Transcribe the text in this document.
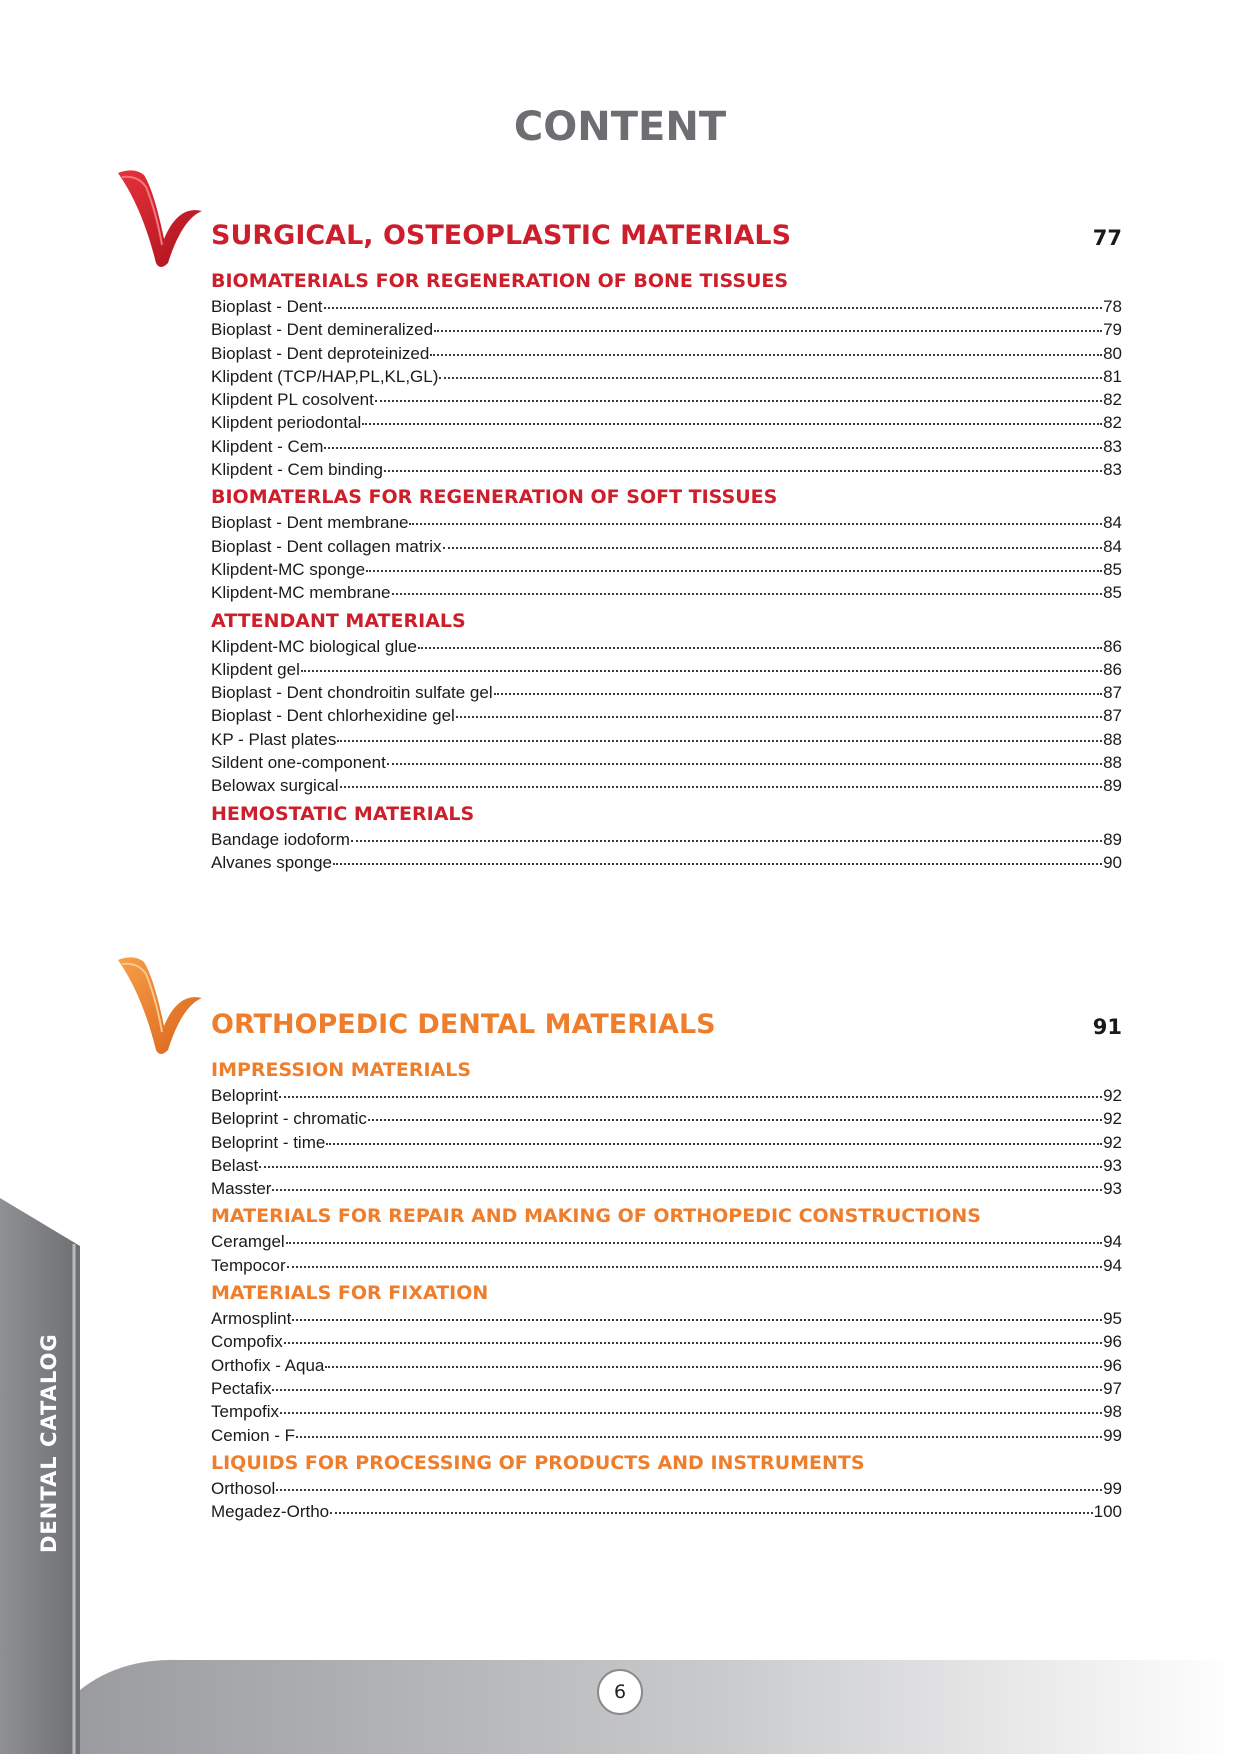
DENTAL CATALOG
6
CONTENT
SURGICAL, OSTEOPLASTIC MATERIALS	77
BIOMATERIALS FOR REGENERATION OF BONE TISSUES
Bioplast - Dent	78
Bioplast - Dent demineralized	79
Bioplast - Dent deproteinized	80
Klipdent (TCP/HAP,PL,KL,GL)	81
Klipdent PL cosolvent	82
Klipdent periodontal	82
Klipdent - Cem	83
Klipdent - Cem binding	83
BIOMATERLAS FOR REGENERATION OF SOFT TISSUES
Bioplast - Dent membrane	84
Bioplast - Dent collagen matrix	84
Klipdent-MC sponge	85
Klipdent-MC membrane	85
ATTENDANT MATERIALS
Klipdent-MC biological glue	86
Klipdent gel	86
Bioplast - Dent chondroitin sulfate gel	87
Bioplast - Dent chlorhexidine gel	87
KP - Plast plates	88
Sildent one-component	88
Belowax surgical	89
HEMOSTATIC MATERIALS
Bandage iodoform	89
Alvanes sponge	90
ORTHOPEDIC DENTAL MATERIALS	91
IMPRESSION MATERIALS
Beloprint	92
Beloprint - chromatic	92
Beloprint - time	92
Belast	93
Masster	93
MATERIALS FOR REPAIR AND MAKING OF ORTHOPEDIC CONSTRUCTIONS
Ceramgel	94
Tempocor	94
MATERIALS FOR FIXATION
Armosplint	95
Compofix	96
Orthofix - Aqua	96
Pectafix	97
Tempofix	98
Cemion - F	99
LIQUIDS FOR PROCESSING OF PRODUCTS AND INSTRUMENTS
Orthosol	99
Megadez-Ortho	100
